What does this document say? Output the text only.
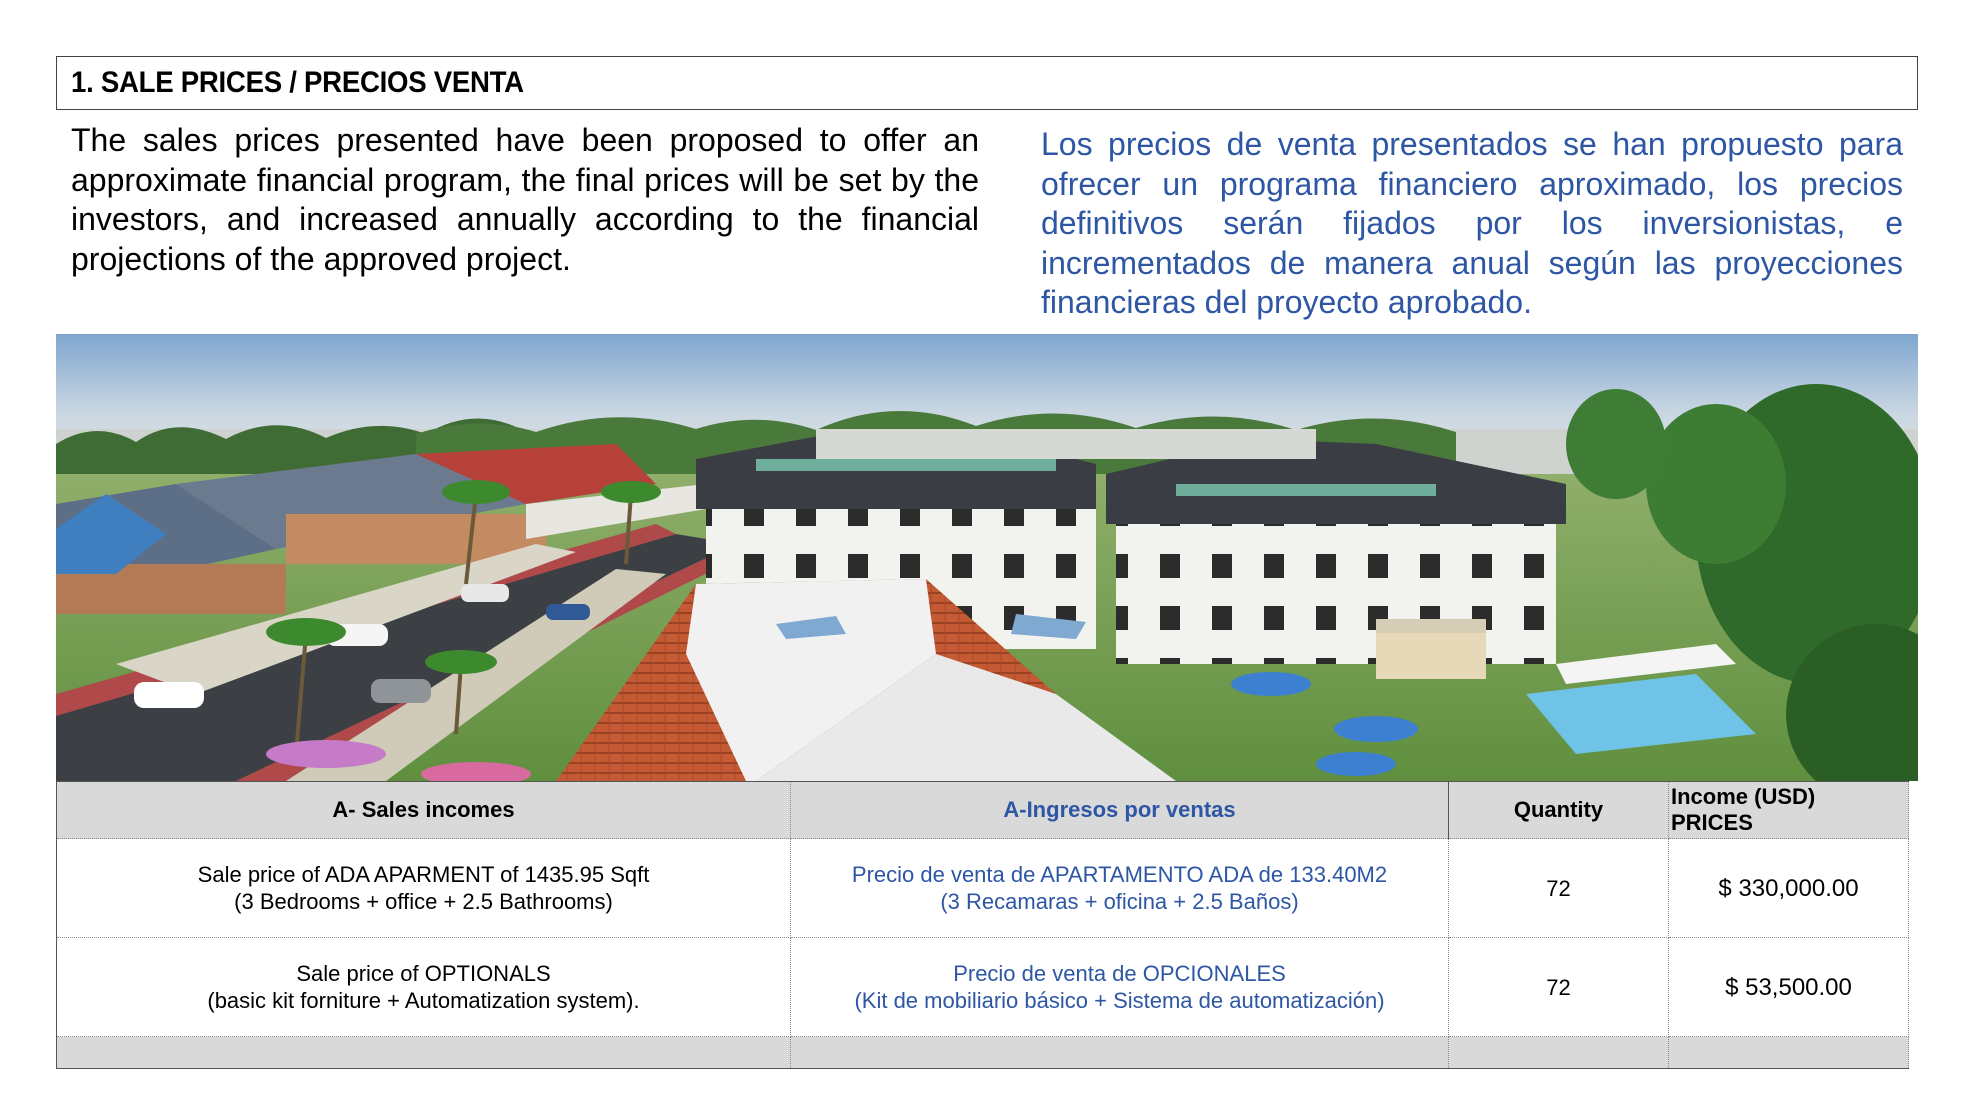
1. SALE PRICES / PRECIOS VENTA

The sales prices presented have been proposed to offer an approximate financial program, the final prices will be set by the investors, and increased annually according to the financial projections of the approved project.

Los precios de venta presentados se han propuesto para ofrecer un programa financiero aproximado, los precios definitivos serán fijados por los inversionistas, e incrementados de manera anual según las proyecciones financieras del proyecto aprobado.

A- Sales incomes	A-Ingresos por ventas	Quantity	Income (USD)
PRICES

Sale price of ADA APARMENT of 1435.95 Sqft
(3 Bedrooms + office + 2.5 Bathrooms)	Precio de venta de APARTAMENTO ADA de 133.40M2
(3 Recamaras + oficina + 2.5 Baños)	72	$ 330,000.00

Sale price of OPTIONALS
(basic kit forniture + Automatization system).	Precio de venta de OPCIONALES
(Kit de mobiliario básico + Sistema de automatización)	72	$ 53,500.00
